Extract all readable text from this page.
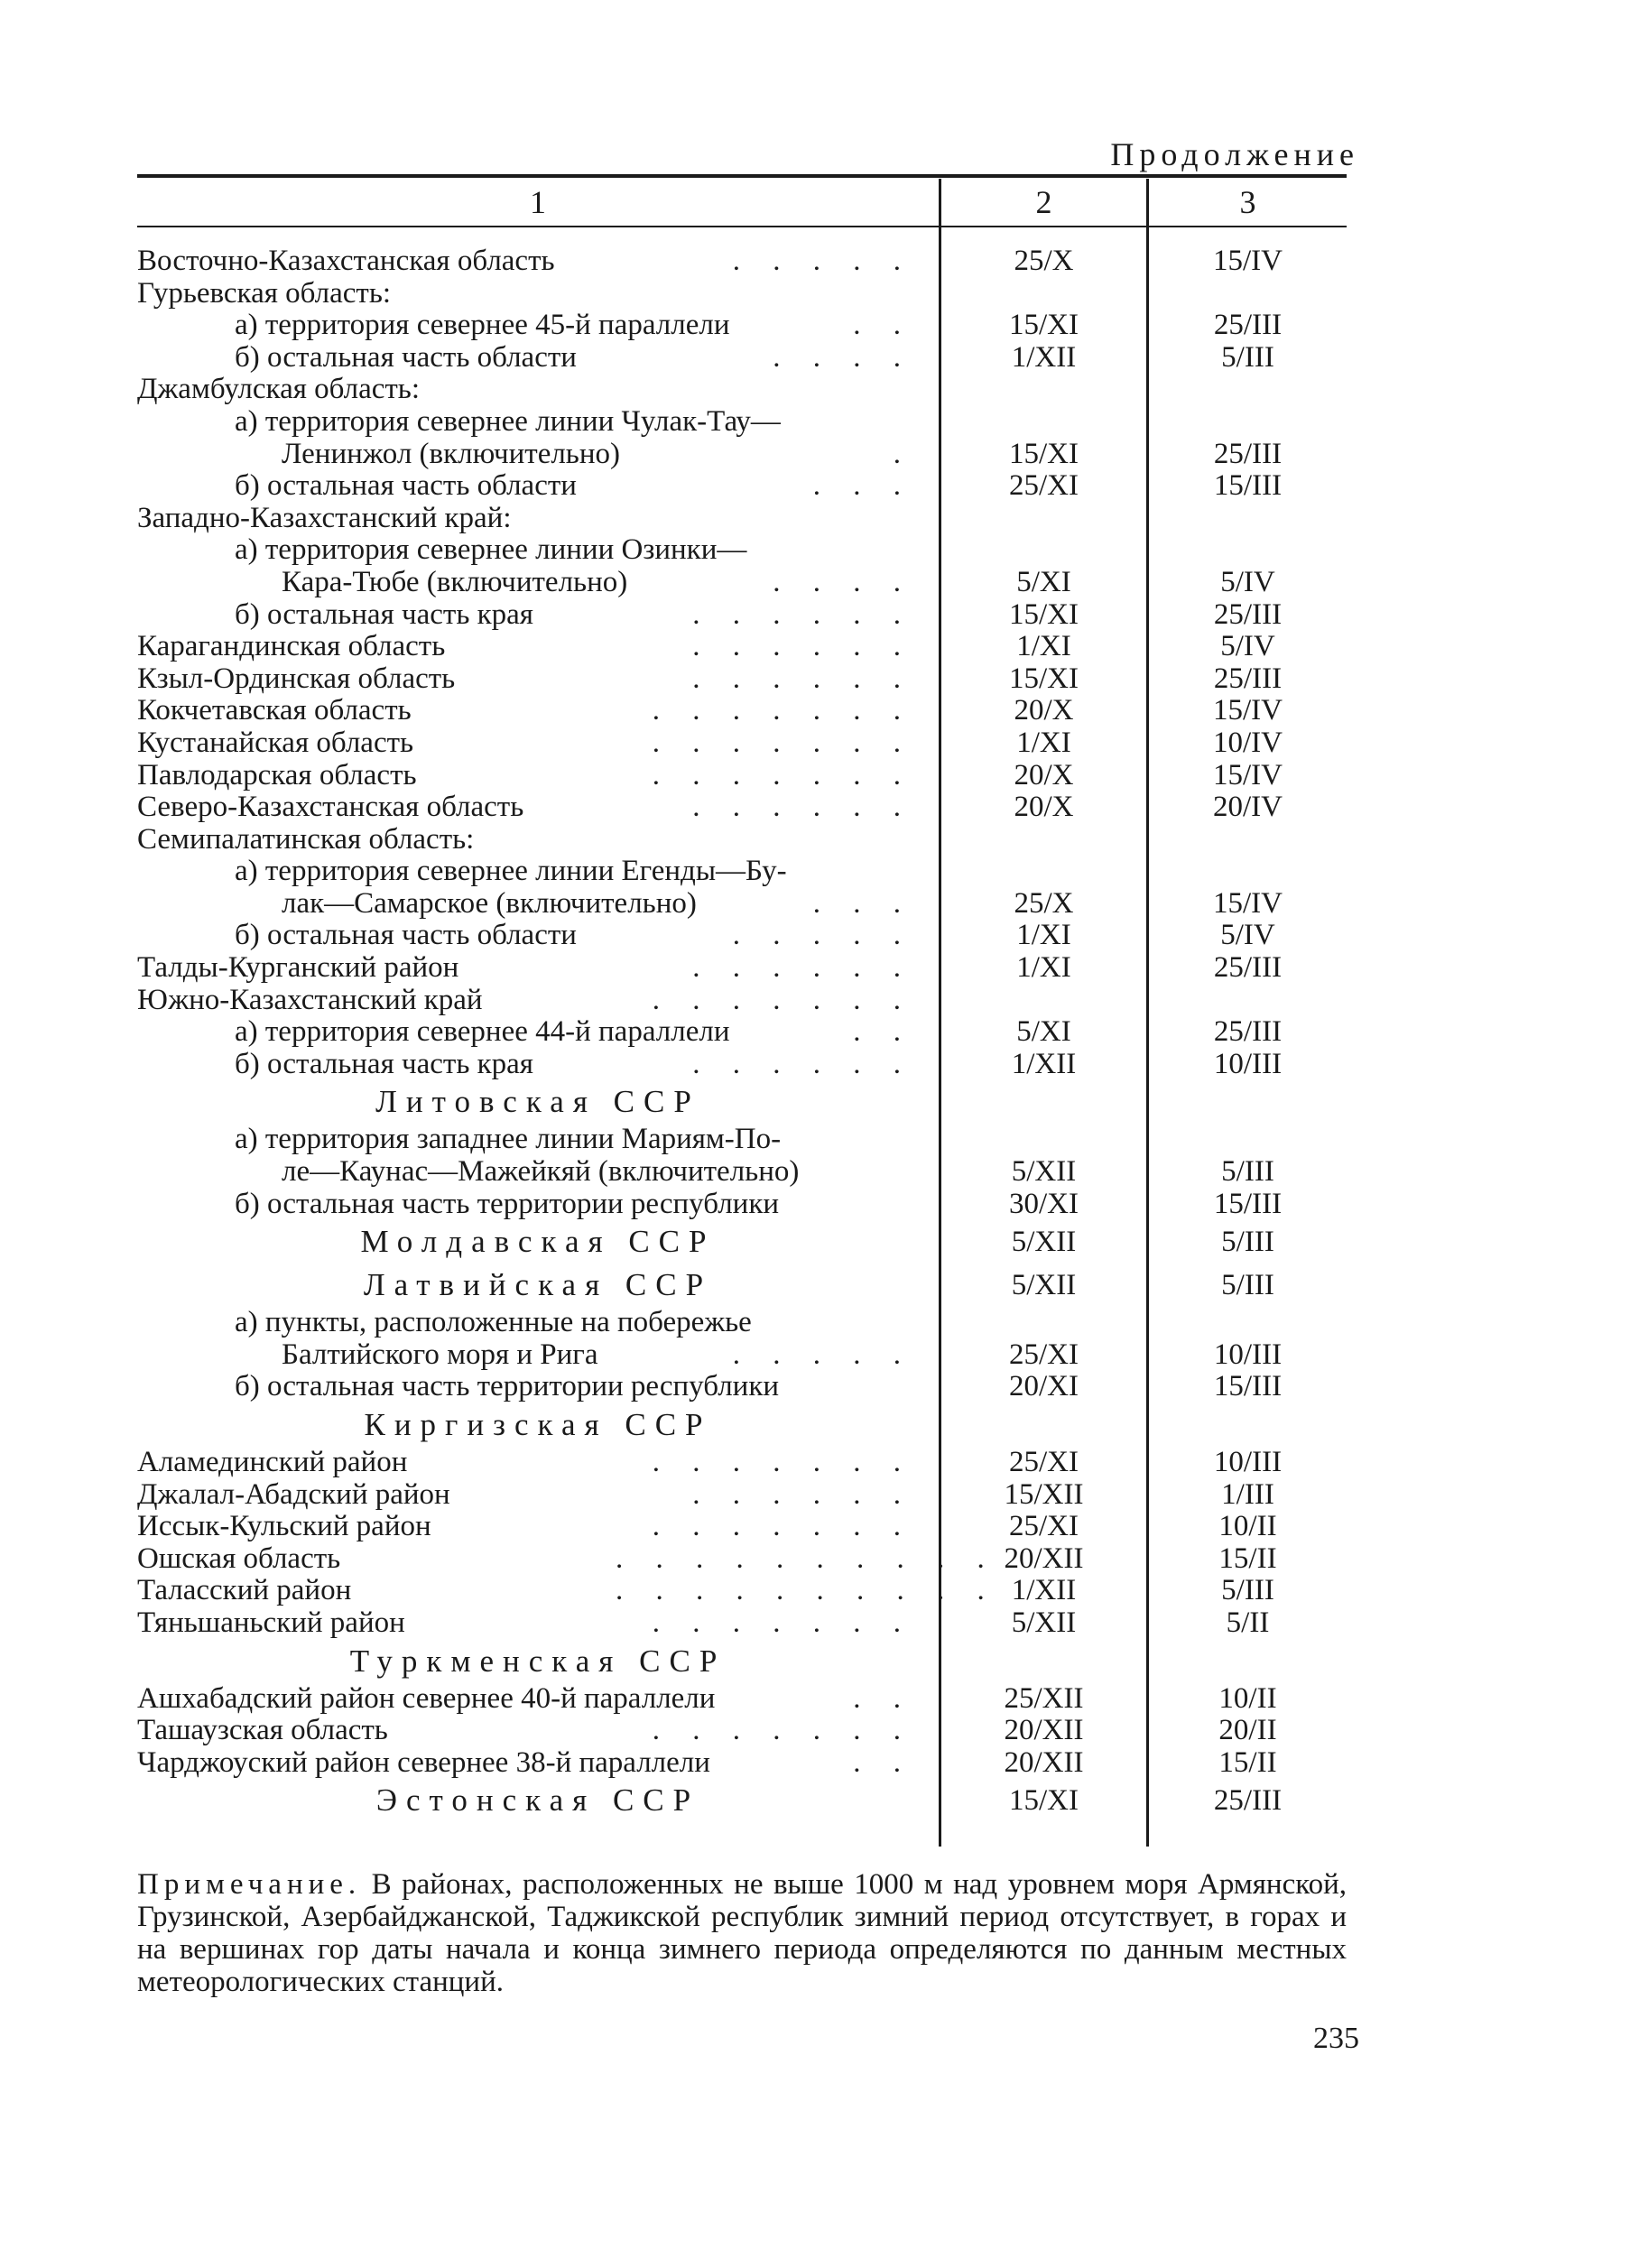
Продолжение
1	2	3
Восточно-Казахстанская область	. . . . .	25/X	15/IV
Гурьевская область:
а) территория севернее 45-й параллели	. .	15/XI	25/III
б) остальная часть области	. . . .	1/XII	5/III
Джамбулская область:
а) территория севернее линии Чулак-Тау—
Ленинжол (включительно)	.	15/XI	25/III
б) остальная часть области	. . .	25/XI	15/III
Западно-Казахстанский край:
а) территория севернее линии Озинки—
Кара-Тюбе (включительно)	. . . .	5/XI	5/IV
б) остальная часть края	. . . . . .	15/XI	25/III
Карагандинская область	. . . . . .	1/XI	5/IV
Кзыл-Ординская область	. . . . . .	15/XI	25/III
Кокчетавская область	. . . . . . .	20/X	15/IV
Кустанайская область	. . . . . . .	1/XI	10/IV
Павлодарская область	. . . . . . .	20/X	15/IV
Северо-Казахстанская область	. . . . . .	20/X	20/IV
Семипалатинская область:
а) территория севернее линии Егенды—Бу-
лак—Самарское (включительно)	. . .	25/X	15/IV
б) остальная часть области	. . . . .	1/XI	5/IV
Талды-Курганский район	. . . . . .	1/XI	25/III
Южно-Казахстанский край	. . . . . . .
а) территория севернее 44-й параллели	. .	5/XI	25/III
б) остальная часть края	. . . . . .	1/XII	10/III
Литовская ССР
а) территория западнее линии Мариям-По-
ле—Каунас—Мажейкяй (включительно)	5/XII	5/III
б) остальная часть территории республики	30/XI	15/III
Молдавская ССР	5/XII	5/III
Латвийская ССР	5/XII	5/III
а) пункты, расположенные на побережье
Балтийского моря и Рига	. . . . .	25/XI	10/III
б) остальная часть территории республики	20/XI	15/III
Киргизская ССР
Аламединский район	. . . . . . .	25/XI	10/III
Джалал-Абадский район	. . . . . .	15/XII	1/III
Иссык-Кульский район	. . . . . . .	25/XI	10/II
Ошская область	. . . . . . . . . . 20/XII	15/II
Таласский район	. . . . . . . . . . 1/XII	5/III
Тяньшаньский район	. . . . . . .	5/XII	5/II
Туркменская ССР
Ашхабадский район севернее 40-й параллели	. .	25/XII	10/II
Ташаузская область	. . . . . . .	20/XII	20/II
Чарджоуский район севернее 38-й параллели	. .	20/XII	15/II
Эстонская ССР	15/XI	25/III
Примечание. В районах, расположенных не выше 1000 м над уровнем моря Армянской, Грузинской, Азербайджанской, Таджикской республик зимний период отсутствует, в горах и на вершинах гор даты начала и конца зимнего периода определяются по данным местных метеорологических станций.
235
